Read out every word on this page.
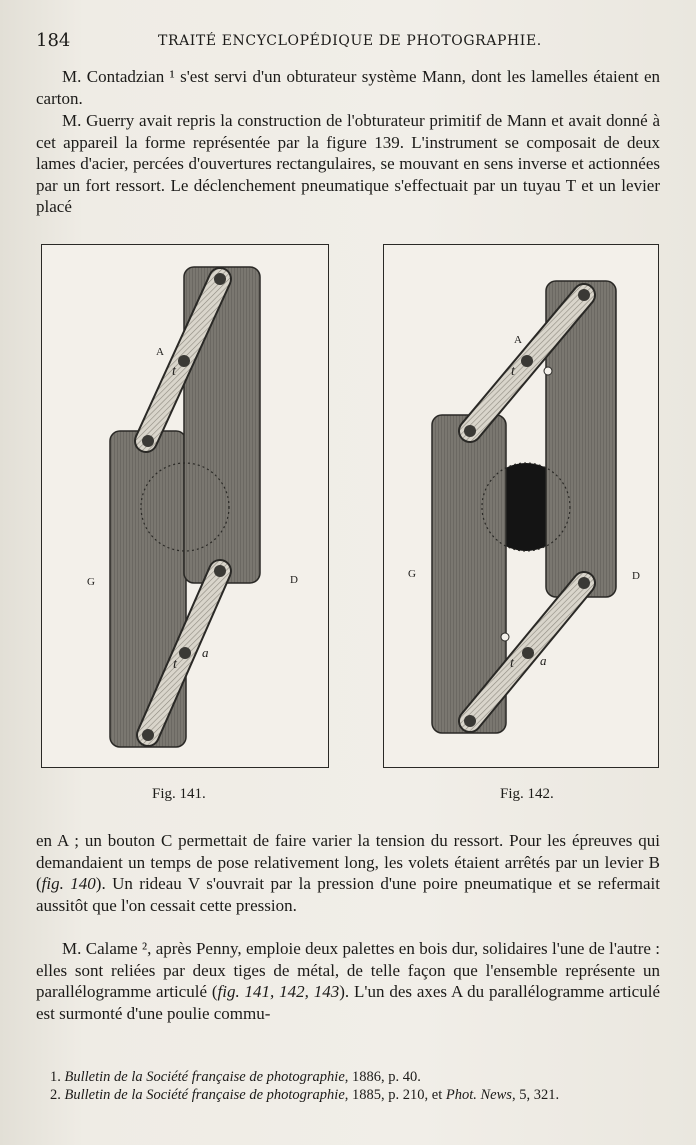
184	TRAITÉ ENCYCLOPÉDIQUE DE PHOTOGRAPHIE.

M. Contadzian ¹ s'est servi d'un obturateur système Mann, dont les lamelles étaient en carton.

M. Guerry avait repris la construction de l'obturateur primitif de Mann et avait donné à cet appareil la forme représentée par la figure 139. L'instrument se composait de deux lames d'acier, percées d'ouvertures rectangulaires, se mouvant en sens inverse et actionnées par un fort ressort. Le déclenchement pneumatique s'effectuait par un tuyau T et un levier placé

A
t
G	D
t
a
A
t
G	D
t a
Fig. 141.	Fig. 142.

en A ; un bouton C permettait de faire varier la tension du ressort. Pour les épreuves qui demandaient un temps de pose relativement long, les volets étaient arrêtés par un levier B (fig. 140). Un rideau V s'ouvrait par la pression d'une poire pneumatique et se refermait aussitôt que l'on cessait cette pression.

M. Calame ², après Penny, emploie deux palettes en bois dur, solidaires l'une de l'autre : elles sont reliées par deux tiges de métal, de telle façon que l'ensemble représente un parallélogramme articulé (fig. 141, 142, 143). L'un des axes A du parallélogramme articulé est surmonté d'une poulie commu-

1. Bulletin de la Société française de photographie, 1886, p. 40.

2. Bulletin de la Société française de photographie, 1885, p. 210, et Phot. News, 5, 321.
